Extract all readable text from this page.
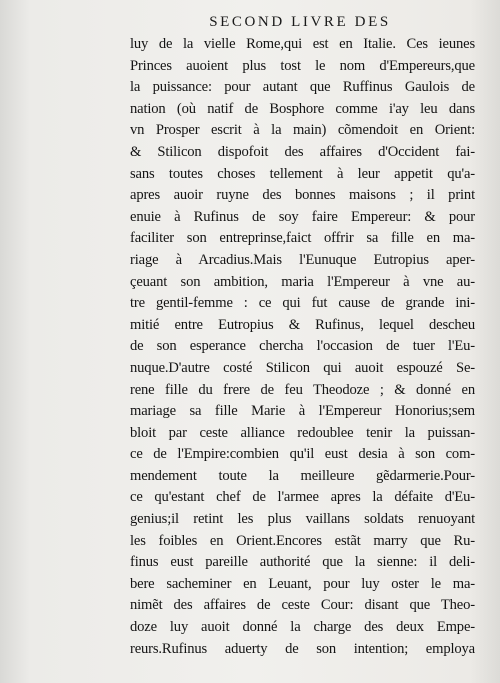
SECOND LIVRE DES
luy de la vielle Rome,qui est en Italie. Ces ieunes
Princes auoient plus tost le nom d'Empereurs,que
la puissance: pour autant que Ruffinus Gaulois de
nation (où natif de Bosphore comme i'ay leu dans
vn Prosper escrit à la main) cõmendoit en Orient:
& Stilicon dispofoit des affaires d'Occident fai-
sans toutes choses tellement à leur appetit qu'a-
apres auoir ruyne des bonnes maisons ; il print
enuie à Rufinus de soy faire Empereur: & pour
faciliter son entreprinse,faict offrir sa fille en ma-
riage à Arcadius.Mais l'Eunuque Eutropius aper-
çeuant son ambition, maria l'Empereur à vne au-
tre gentil-femme : ce qui fut cause de grande ini-
mitié entre Eutropius & Rufinus, lequel descheu
de son esperance chercha l'occasion de tuer l'Eu-
nuque.D'autre costé Stilicon qui auoit espouzé Se-
rene fille du frere de feu Theodoze ; & donné en
mariage sa fille Marie à l'Empereur Honorius;sem
bloit par ceste alliance redoublee tenir la puissan-
ce de l'Empire:combien qu'il eust desia à son com-
mendement toute la meilleure gẽdarmerie.Pour-
ce qu'estant chef de l'armee apres la défaite d'Eu-
genius;il retint les plus vaillans soldats renuoyant
les foibles en Orient.Encores estãt marry que Ru-
finus eust pareille authorité que la sienne: il deli-
bere sacheminer en Leuant, pour luy oster le ma-
nimẽt des affaires de ceste Cour: disant que Theo-
doze luy auoit donné la charge des deux Empe-
reurs.Rufinus aduerty de son intention; employa
